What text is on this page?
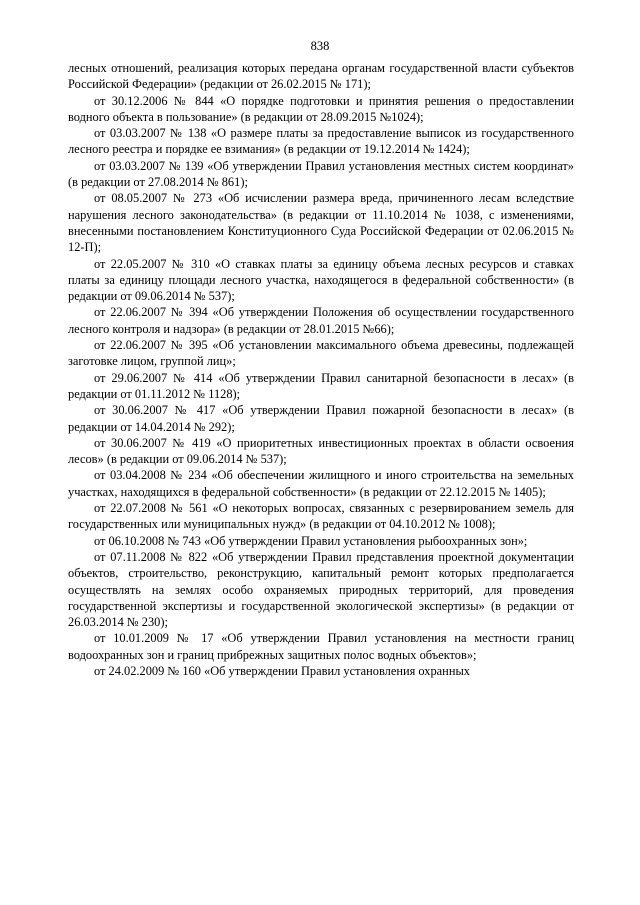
838

лесных отношений, реализация которых передана органам государственной власти субъектов Российской Федерации» (редакции от 26.02.2015 № 171);

от 30.12.2006 № 844 «О порядке подготовки и принятия решения о предоставлении водного объекта в пользование» (в редакции от 28.09.2015 №1024);

от 03.03.2007 № 138 «О размере платы за предоставление выписок из государственного лесного реестра и порядке ее взимания» (в редакции от 19.12.2014 № 1424);

от 03.03.2007 № 139 «Об утверждении Правил установления местных систем координат» (в редакции от 27.08.2014 № 861);

от 08.05.2007 № 273 «Об исчислении размера вреда, причиненного лесам вследствие нарушения лесного законодательства» (в редакции от 11.10.2014 № 1038, с изменениями, внесенными постановлением Конституционного Суда Российской Федерации от 02.06.2015 № 12-П);

от 22.05.2007 № 310 «О ставках платы за единицу объема лесных ресурсов и ставках платы за единицу площади лесного участка, находящегося в федеральной собственности» (в редакции от 09.06.2014 № 537);

от 22.06.2007 № 394 «Об утверждении Положения об осуществлении государственного лесного контроля и надзора» (в редакции от 28.01.2015 №66);

от 22.06.2007 № 395 «Об установлении максимального объема древесины, подлежащей заготовке лицом, группой лиц»;

от 29.06.2007 № 414 «Об утверждении Правил санитарной безопасности в лесах» (в редакции от 01.11.2012 № 1128);

от 30.06.2007 № 417 «Об утверждении Правил пожарной безопасности в лесах» (в редакции от 14.04.2014 № 292);

от 30.06.2007 № 419 «О приоритетных инвестиционных проектах в области освоения лесов» (в редакции от 09.06.2014 № 537);

от 03.04.2008 № 234 «Об обеспечении жилищного и иного строительства на земельных участках, находящихся в федеральной собственности» (в редакции от 22.12.2015 № 1405);

от 22.07.2008 № 561 «О некоторых вопросах, связанных с резервированием земель для государственных или муниципальных нужд» (в редакции от 04.10.2012 № 1008);

от 06.10.2008 № 743 «Об утверждении Правил установления рыбоохранных зон»;

от 07.11.2008 № 822 «Об утверждении Правил представления проектной документации объектов, строительство, реконструкцию, капитальный ремонт которых предполагается осуществлять на землях особо охраняемых природных территорий, для проведения государственной экспертизы и государственной экологической экспертизы» (в редакции от 26.03.2014 № 230);

от 10.01.2009 № 17 «Об утверждении Правил установления на местности границ водоохранных зон и границ прибрежных защитных полос водных объектов»;

от 24.02.2009 № 160 «Об утверждении Правил установления охранных
